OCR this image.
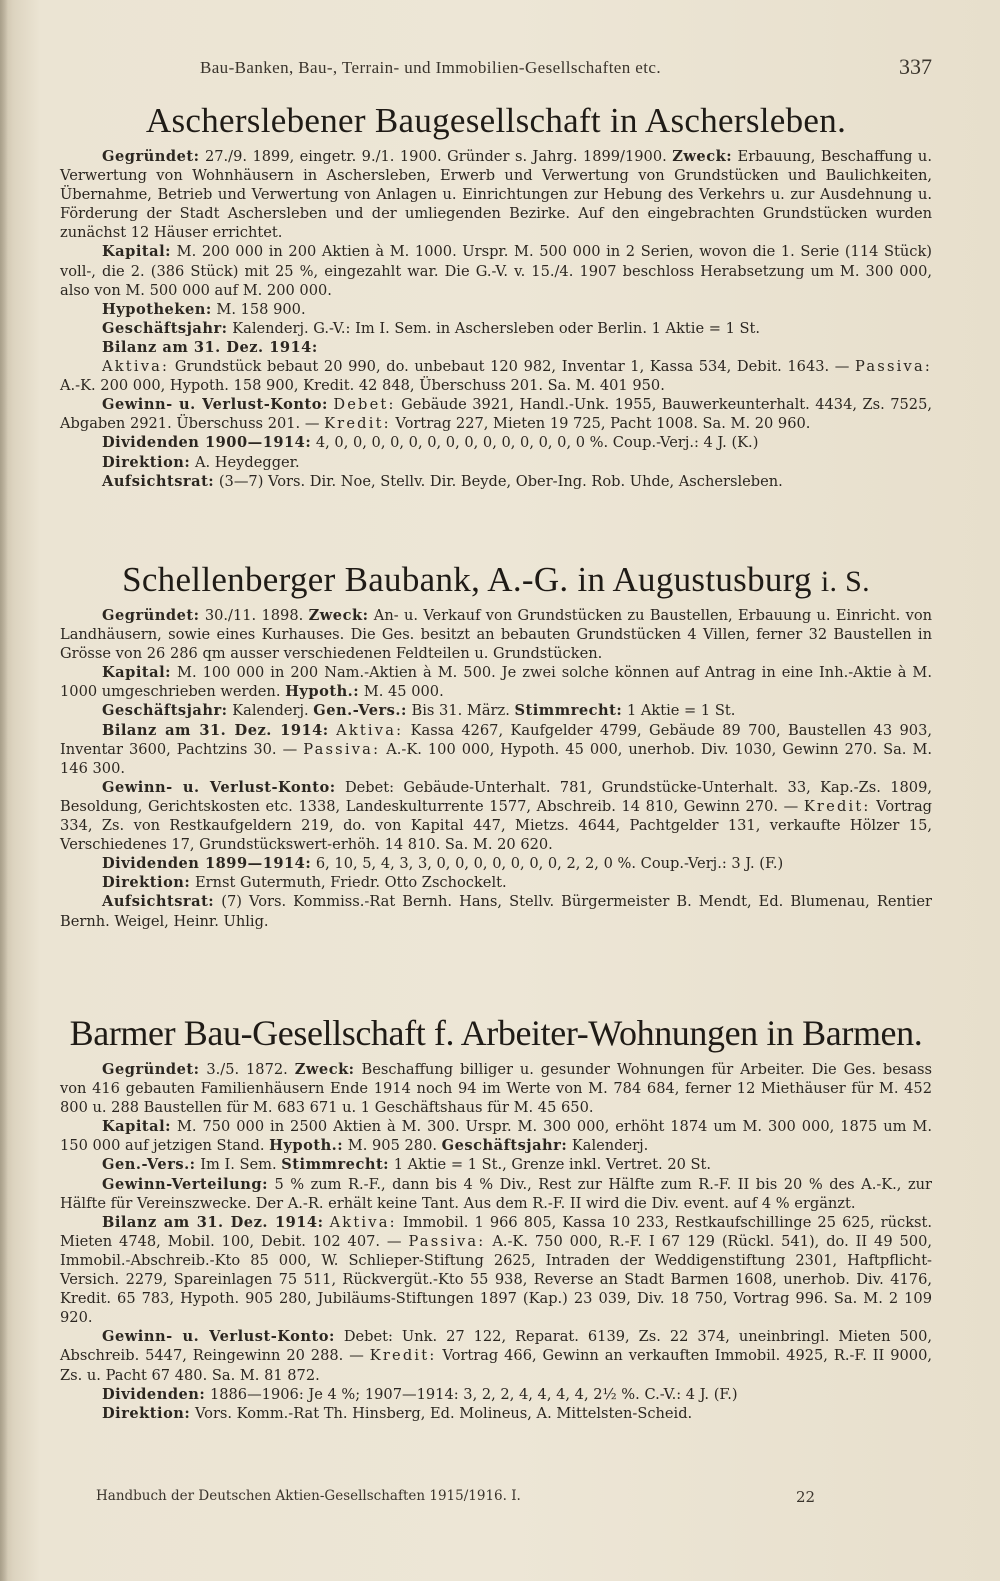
Bau-Banken, Bau-, Terrain- und Immobilien-Gesellschaften etc.	337
Ascherslebener Baugesellschaft in Aschersleben.

Gegründet: 27./9. 1899, eingetr. 9./1. 1900. Gründer s. Jahrg. 1899/1900. Zweck: Erbauung, Beschaffung u. Verwertung von Wohnhäusern in Aschersleben, Erwerb und Verwertung von Grundstücken und Baulichkeiten, Übernahme, Betrieb und Verwertung von Anlagen u. Einrichtungen zur Hebung des Verkehrs u. zur Ausdehnung u. Förderung der Stadt Aschersleben und der umliegenden Bezirke. Auf den eingebrachten Grundstücken wurden zunächst 12 Häuser errichtet.

Kapital: M. 200 000 in 200 Aktien à M. 1000. Urspr. M. 500 000 in 2 Serien, wovon die 1. Serie (114 Stück) voll-, die 2. (386 Stück) mit 25 %, eingezahlt war. Die G.-V. v. 15./4. 1907 beschloss Herabsetzung um M. 300 000, also von M. 500 000 auf M. 200 000.

Hypotheken: M. 158 900.

Geschäftsjahr: Kalenderj. G.-V.: Im I. Sem. in Aschersleben oder Berlin. 1 Aktie = 1 St.

Bilanz am 31. Dez. 1914:

Aktiva: Grundstück bebaut 20 990, do. unbebaut 120 982, Inventar 1, Kassa 534, Debit. 1643. — Passiva: A.-K. 200 000, Hypoth. 158 900, Kredit. 42 848, Überschuss 201. Sa. M. 401 950.

Gewinn- u. Verlust-Konto: Debet: Gebäude 3921, Handl.-Unk. 1955, Bauwerkeunterhalt. 4434, Zs. 7525, Abgaben 2921. Überschuss 201. — Kredit: Vortrag 227, Mieten 19 725, Pacht 1008. Sa. M. 20 960.

Dividenden 1900—1914: 4, 0, 0, 0, 0, 0, 0, 0, 0, 0, 0, 0, 0, 0, 0 %. Coup.-Verj.: 4 J. (K.)

Direktion: A. Heydegger.

Aufsichtsrat: (3—7) Vors. Dir. Noe, Stellv. Dir. Beyde, Ober-Ing. Rob. Uhde, Aschersleben.

Schellenberger Baubank, A.-G. in Augustusburg i. S.

Gegründet: 30./11. 1898. Zweck: An- u. Verkauf von Grundstücken zu Baustellen, Erbauung u. Einricht. von Landhäusern, sowie eines Kurhauses. Die Ges. besitzt an bebauten Grundstücken 4 Villen, ferner 32 Baustellen in Grösse von 26 286 qm ausser verschiedenen Feldteilen u. Grundstücken.

Kapital: M. 100 000 in 200 Nam.-Aktien à M. 500. Je zwei solche können auf Antrag in eine Inh.-Aktie à M. 1000 umgeschrieben werden. Hypoth.: M. 45 000.

Geschäftsjahr: Kalenderj. Gen.-Vers.: Bis 31. März. Stimmrecht: 1 Aktie = 1 St.

Bilanz am 31. Dez. 1914: Aktiva: Kassa 4267, Kaufgelder 4799, Gebäude 89 700, Baustellen 43 903, Inventar 3600, Pachtzins 30. — Passiva: A.-K. 100 000, Hypoth. 45 000, unerhob. Div. 1030, Gewinn 270. Sa. M. 146 300.

Gewinn- u. Verlust-Konto: Debet: Gebäude-Unterhalt. 781, Grundstücke-Unterhalt. 33, Kap.-Zs. 1809, Besoldung, Gerichtskosten etc. 1338, Landeskulturrente 1577, Abschreib. 14 810, Gewinn 270. — Kredit: Vortrag 334, Zs. von Restkaufgeldern 219, do. von Kapital 447, Mietzs. 4644, Pachtgelder 131, verkaufte Hölzer 15, Verschiedenes 17, Grundstückswert-erhöh. 14 810. Sa. M. 20 620.

Dividenden 1899—1914: 6, 10, 5, 4, 3, 3, 0, 0, 0, 0, 0, 0, 0, 2, 2, 0 %. Coup.-Verj.: 3 J. (F.)

Direktion: Ernst Gutermuth, Friedr. Otto Zschockelt.

Aufsichtsrat: (7) Vors. Kommiss.-Rat Bernh. Hans, Stellv. Bürgermeister B. Mendt, Ed. Blumenau, Rentier Bernh. Weigel, Heinr. Uhlig.

Barmer Bau-Gesellschaft f. Arbeiter-Wohnungen in Barmen.

Gegründet: 3./5. 1872. Zweck: Beschaffung billiger u. gesunder Wohnungen für Arbeiter. Die Ges. besass von 416 gebauten Familienhäusern Ende 1914 noch 94 im Werte von M. 784 684, ferner 12 Miethäuser für M. 452 800 u. 288 Baustellen für M. 683 671 u. 1 Geschäftshaus für M. 45 650.

Kapital: M. 750 000 in 2500 Aktien à M. 300. Urspr. M. 300 000, erhöht 1874 um M. 300 000, 1875 um M. 150 000 auf jetzigen Stand. Hypoth.: M. 905 280. Geschäftsjahr: Kalenderj.

Gen.-Vers.: Im I. Sem. Stimmrecht: 1 Aktie = 1 St., Grenze inkl. Vertret. 20 St.

Gewinn-Verteilung: 5 % zum R.-F., dann bis 4 % Div., Rest zur Hälfte zum R.-F. II bis 20 % des A.-K., zur Hälfte für Vereinszwecke. Der A.-R. erhält keine Tant. Aus dem R.-F. II wird die Div. event. auf 4 % ergänzt.

Bilanz am 31. Dez. 1914: Aktiva: Immobil. 1 966 805, Kassa 10 233, Restkaufschillinge 25 625, rückst. Mieten 4748, Mobil. 100, Debit. 102 407. — Passiva: A.-K. 750 000, R.-F. I 67 129 (Rückl. 541), do. II 49 500, Immobil.-Abschreib.-Kto 85 000, W. Schlieper-Stiftung 2625, Intraden der Weddigenstiftung 2301, Haftpflicht-Versich. 2279, Spareinlagen 75 511, Rückvergüt.-Kto 55 938, Reverse an Stadt Barmen 1608, unerhob. Div. 4176, Kredit. 65 783, Hypoth. 905 280, Jubiläums-Stiftungen 1897 (Kap.) 23 039, Div. 18 750, Vortrag 996. Sa. M. 2 109 920.

Gewinn- u. Verlust-Konto: Debet: Unk. 27 122, Reparat. 6139, Zs. 22 374, uneinbringl. Mieten 500, Abschreib. 5447, Reingewinn 20 288. — Kredit: Vortrag 466, Gewinn an verkauften Immobil. 4925, R.-F. II 9000, Zs. u. Pacht 67 480. Sa. M. 81 872.

Dividenden: 1886—1906: Je 4 %; 1907—1914: 3, 2, 2, 4, 4, 4, 4, 2½ %. C.-V.: 4 J. (F.)

Direktion: Vors. Komm.-Rat Th. Hinsberg, Ed. Molineus, A. Mittelsten-Scheid.

Handbuch der Deutschen Aktien-Gesellschaften 1915/1916. I.	22
